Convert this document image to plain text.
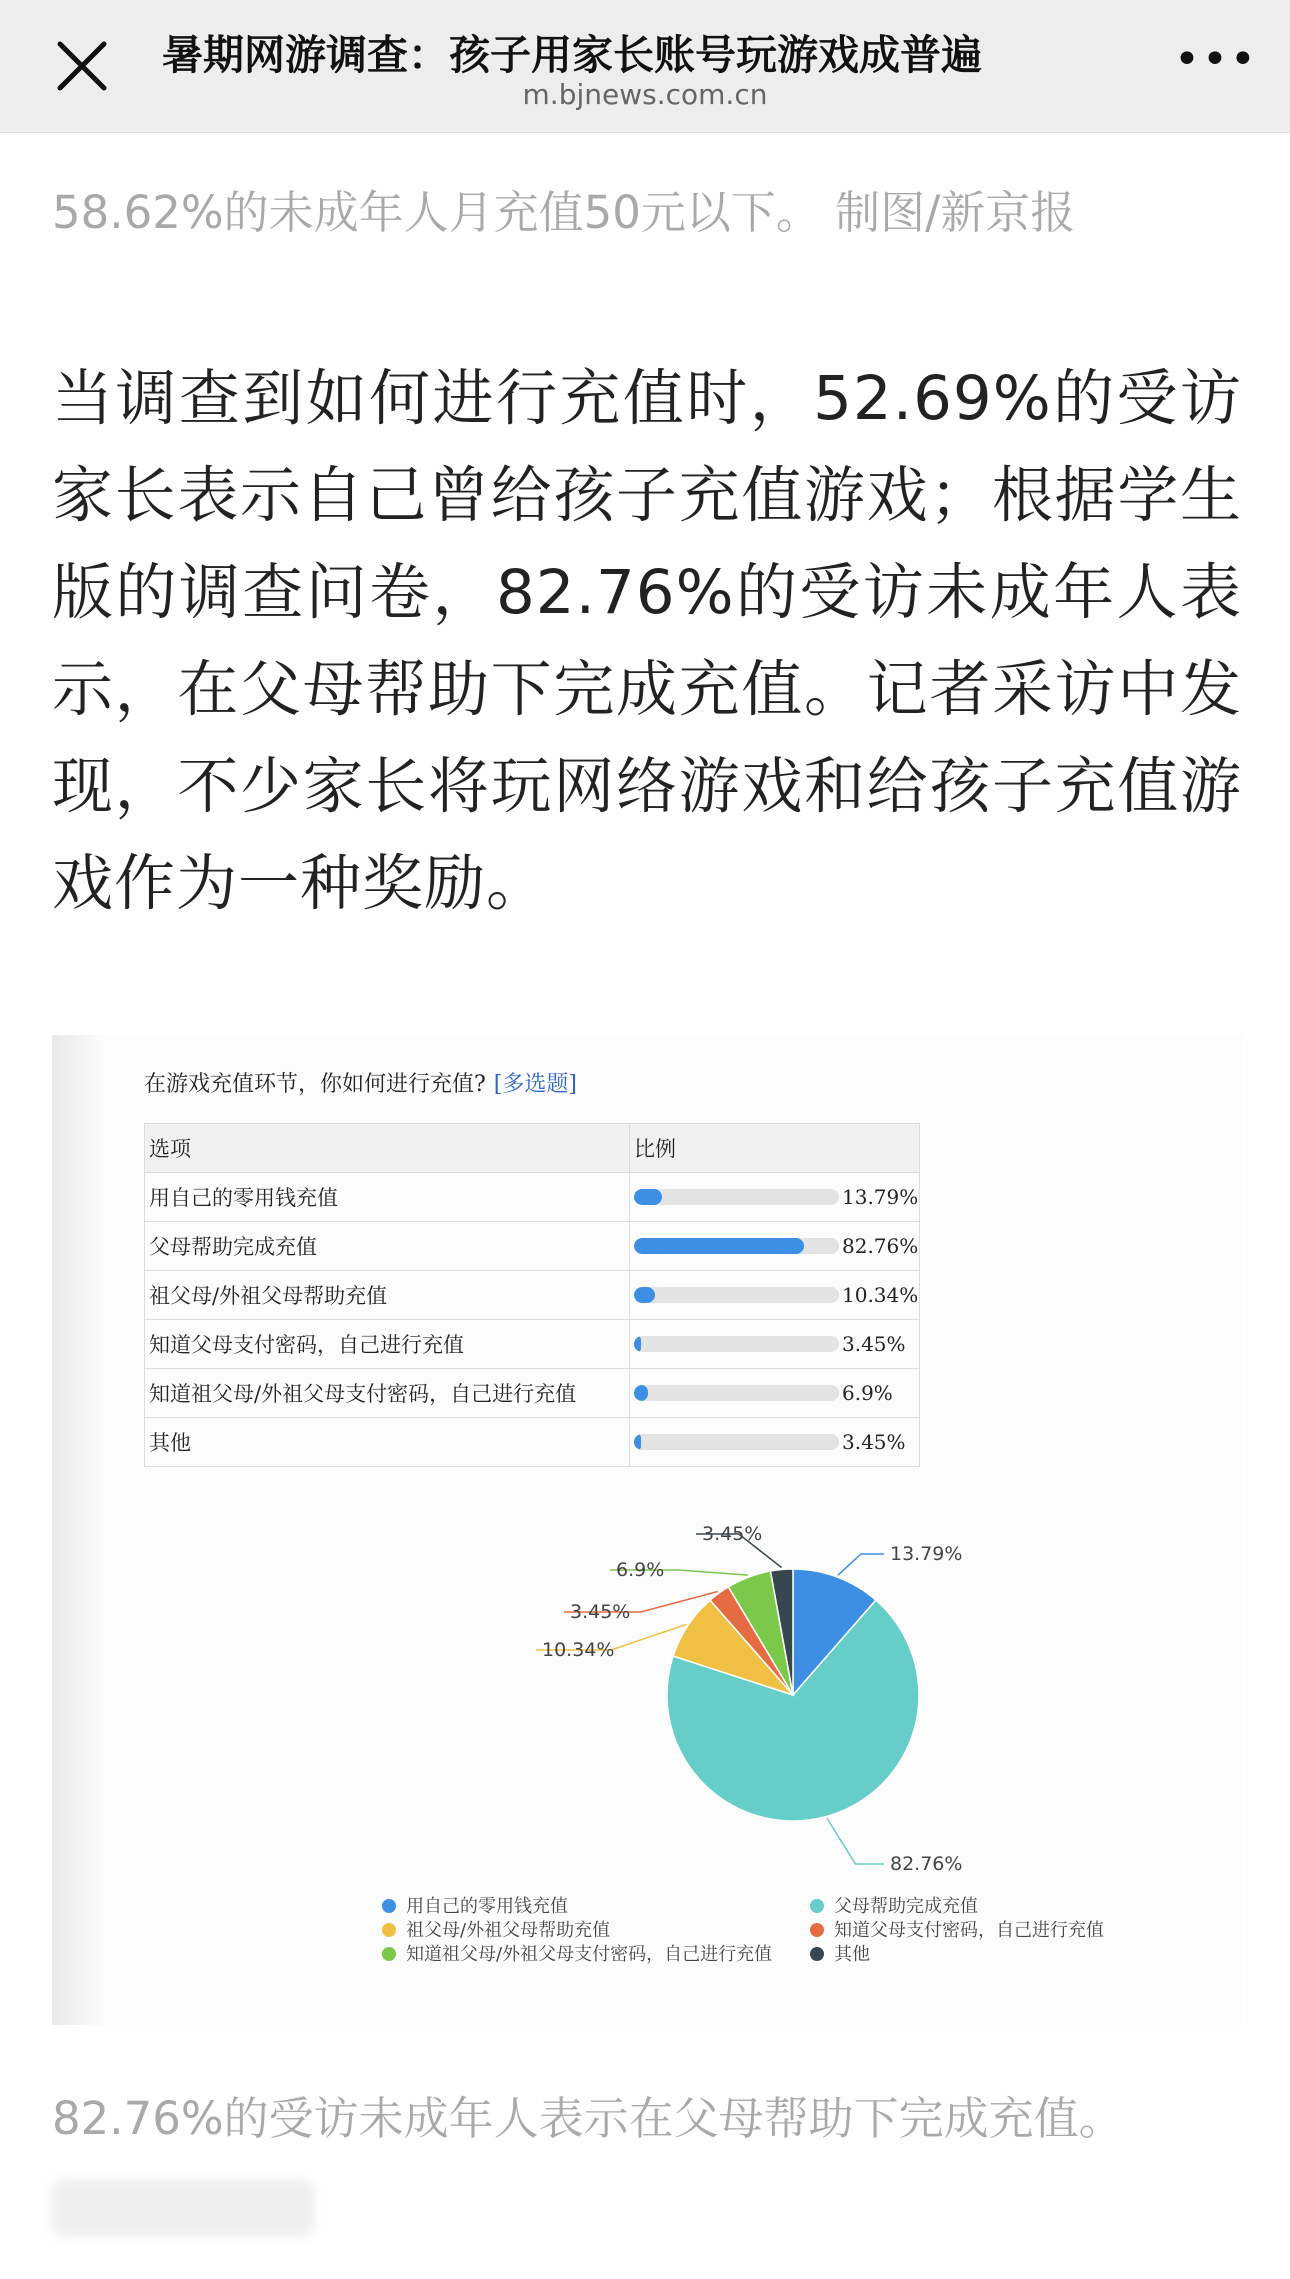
暑期网游调查：孩子用家长账号玩游戏成普遍
m.bjnews.com.cn
•••
58.62%的未成年人月充值50元以下。 制图/新京报
当调查到如何进行充值时，52.69%的受访家长表示自己曾给孩子充值游戏；根据学生版的调查问卷，82.76%的受访未成年人表示，在父母帮助下完成充值。记者采访中发现，不少家长将玩网络游戏和给孩子充值游戏作为一种奖励。
在游戏充值环节，你如何进行充值? [多选题]
选项	比例
用自己的零用钱充值	13.79%

父母帮助完成充值	82.76%

祖父母/外祖父母帮助充值	10.34%

知道父母支付密码，自己进行充值	3.45%

知道祖父母/外祖父母支付密码，自己进行充值	6.9%

其他	3.45%
13.79%
82.76%
10.34%
3.45%
6.9%
3.45%
用自己的零用钱充值	父母帮助完成充值
祖父母/外祖父母帮助充值	知道父母支付密码，自己进行充值
知道祖父母/外祖父母支付密码，自己进行充值	其他
82.76%的受访未成年人表示在父母帮助下完成充值。
